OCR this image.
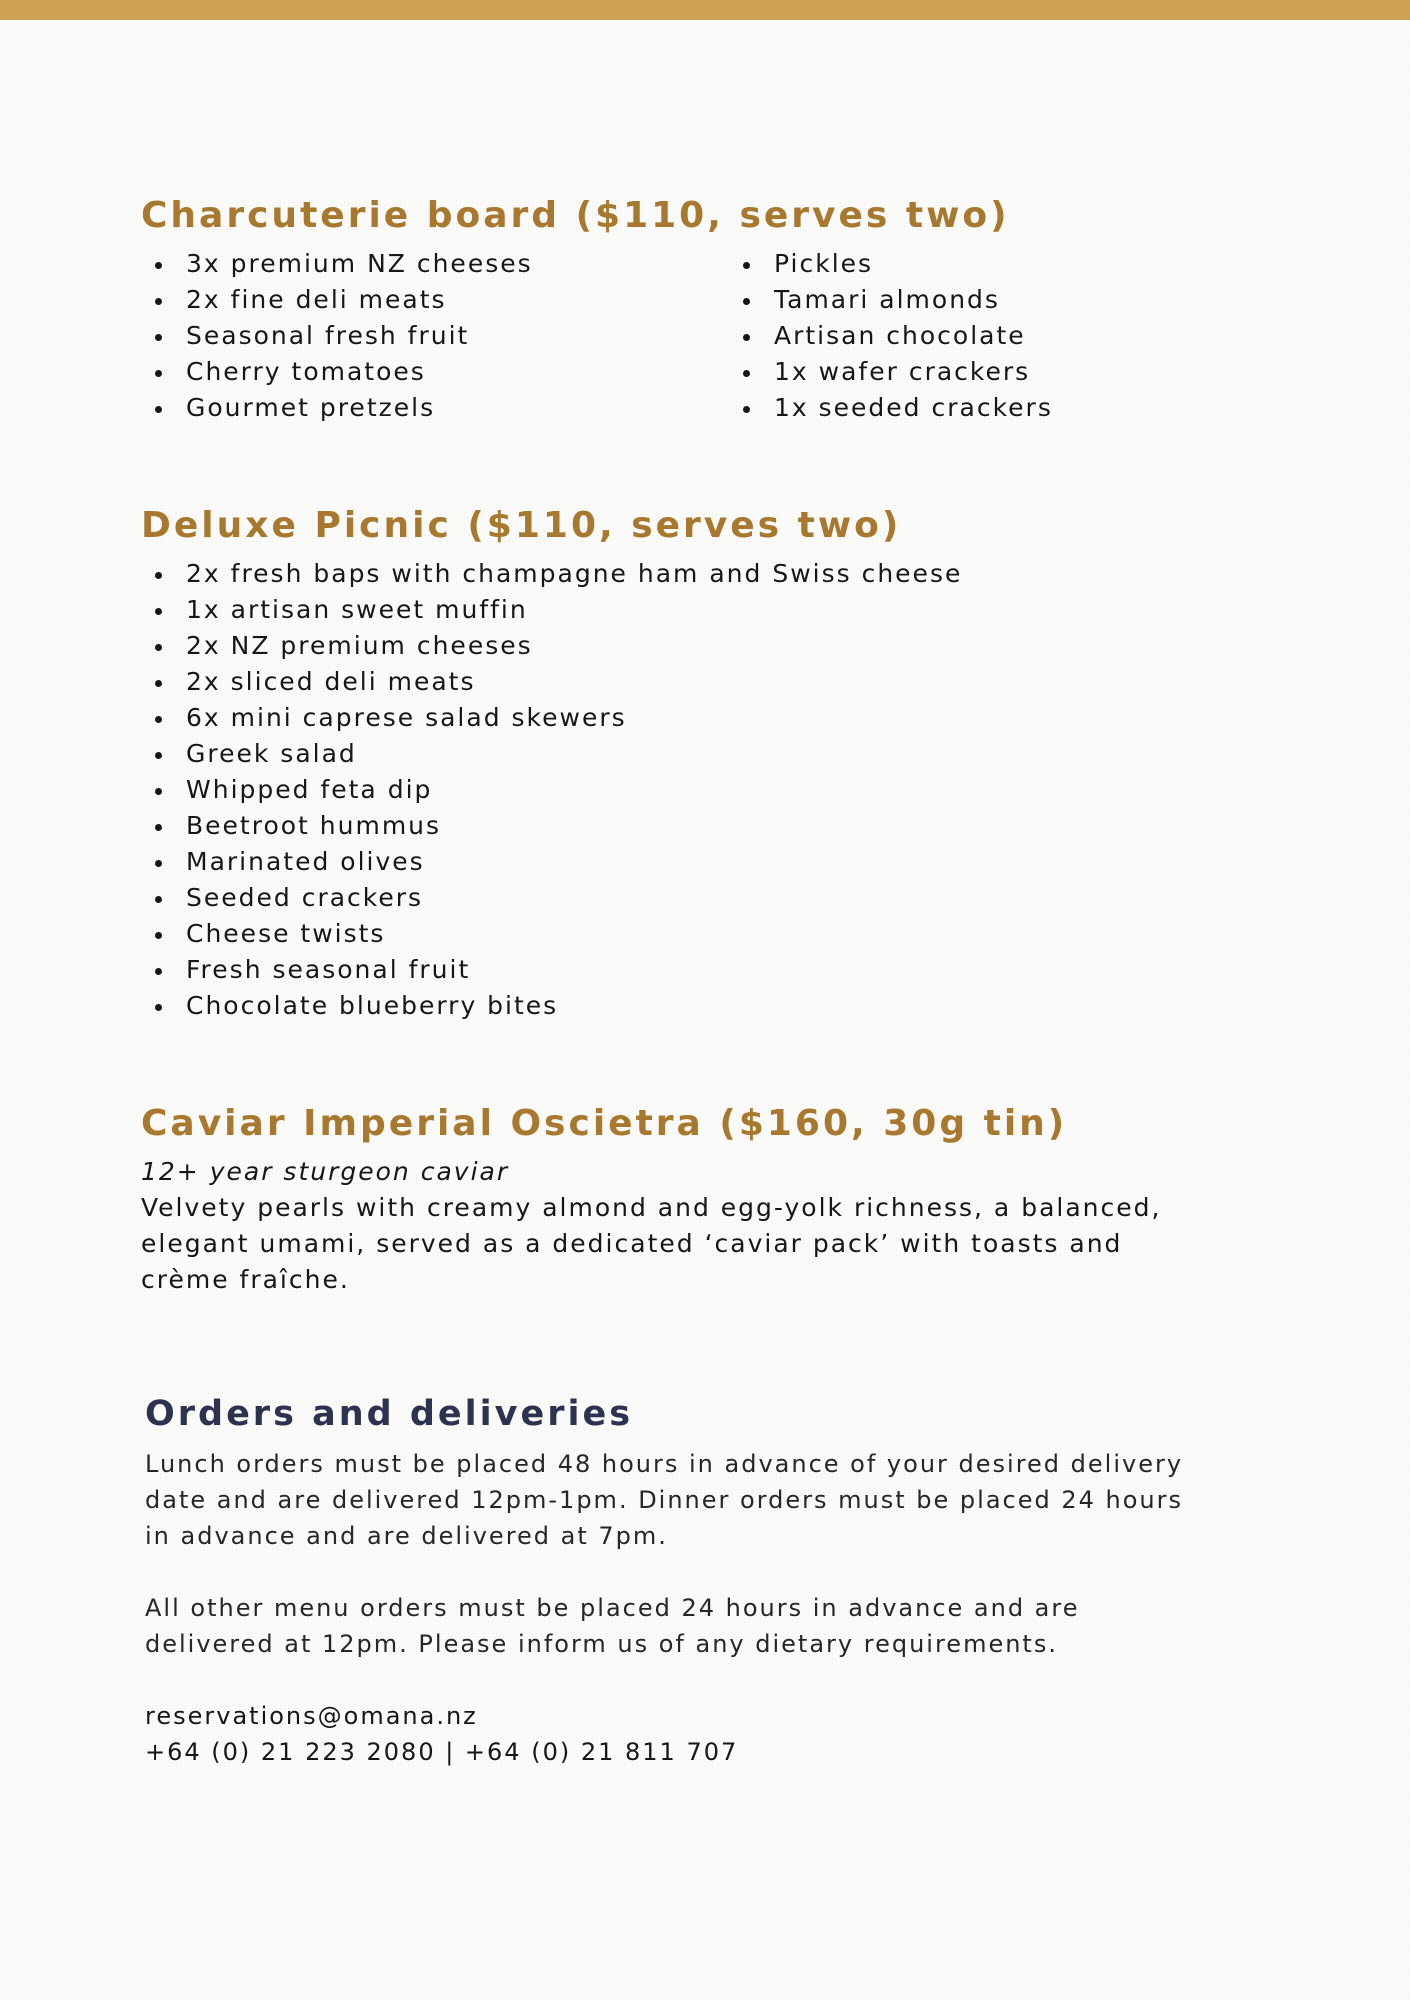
Charcuterie board ($110, serves two)
3x premium NZ cheeses
2x fine deli meats
Seasonal fresh fruit
Cherry tomatoes
Gourmet pretzels
Pickles
Tamari almonds
Artisan chocolate
1x wafer crackers
1x seeded crackers
Deluxe Picnic ($110, serves two)
2x fresh baps with champagne ham and Swiss cheese
1x artisan sweet muffin
2x NZ premium cheeses
2x sliced deli meats
6x mini caprese salad skewers
Greek salad
Whipped feta dip
Beetroot hummus
Marinated olives
Seeded crackers
Cheese twists
Fresh seasonal fruit
Chocolate blueberry bites
Caviar Imperial Oscietra ($160, 30g tin)
12+ year sturgeon caviar

Velvety pearls with creamy almond and egg-yolk richness, a balanced, elegant umami, served as a dedicated ‘caviar pack’ with toasts and crème fraîche.

Orders and deliveries

Lunch orders must be placed 48 hours in advance of your desired delivery date and are delivered 12pm-1pm. Dinner orders must be placed 24 hours in advance and are delivered at 7pm.

All other menu orders must be placed 24 hours in advance and are delivered at 12pm. Please inform us of any dietary requirements.

reservations@omana.nz
+64 (0) 21 223 2080 | +64 (0) 21 811 707
